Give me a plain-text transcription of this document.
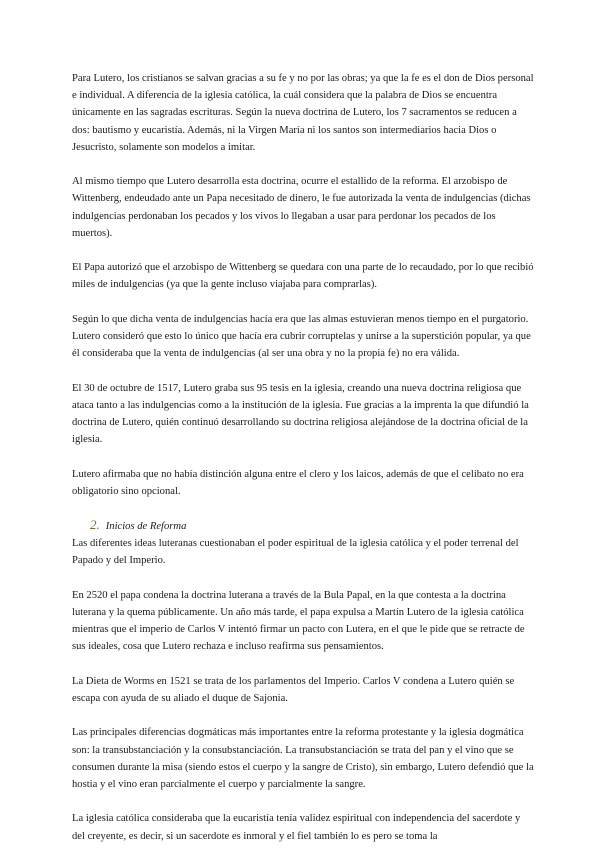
Para Lutero, los cristianos se salvan gracias a su fe y no por las obras; ya que la fe es el don de Dios personal e individual. A diferencia de la iglesia católica, la cuál considera que la palabra de Dios se encuentra únicamente en las sagradas escrituras. Según la nueva doctrina de Lutero, los 7 sacramentos se reducen a dos: bautismo y eucaristía. Además, ni la Virgen María ni los santos son intermediarios hacia Dios o Jesucristo, solamente son modelos a imitar.

Al mismo tiempo que Lutero desarrolla esta doctrina, ocurre el estallido de la reforma. El arzobispo de Wittenberg, endeudado ante un Papa necesitado de dinero, le fue autorizada la venta de indulgencias (dichas indulgencias perdonaban los pecados y los vivos lo llegaban a usar para perdonar los pecados de los muertos).

El Papa autorizó que el arzobispo de Wittenberg se quedara con una parte de lo recaudado, por lo que recibió miles de indulgencias (ya que la gente incluso viajaba para comprarlas).

Según lo que dicha venta de indulgencias hacía era que las almas estuvieran menos tiempo en el purgatorio. Lutero consideró que esto lo único que hacía era cubrir corruptelas y unirse a la superstición popular, ya que él consideraba que la venta de indulgencias (al ser una obra y no la propia fe) no era válida.

El 30 de octubre de 1517, Lutero graba sus 95 tesis en la iglesia, creando una nueva doctrina religiosa que ataca tanto a las indulgencias como a la institución de la iglesia. Fue gracias a la imprenta la que difundió la doctrina de Lutero, quién continuó desarrollando su doctrina religiosa alejándose de la doctrina oficial de la iglesia.

Lutero afirmaba que no había distinción alguna entre el clero y los laicos, además de que el celibato no era obligatorio sino opcional.

2. Inicios de Reforma

Las diferentes ideas luteranas cuestionaban el poder espiritual de la iglesia católica y el poder terrenal del Papado y del Imperio.

En 2520 el papa condena la doctrina luterana a través de la Bula Papal, en la que contesta a la doctrina luterana y la quema públicamente. Un año más tarde, el papa expulsa a Martín Lutero de la iglesia católica mientras que el imperio de Carlos V intentó firmar un pacto con Lutera, en el que le pide que se retracte de sus ideales, cosa que Lutero rechaza e incluso reafirma sus pensamientos.

La Dieta de Worms en 1521 se trata de los parlamentos del Imperio. Carlos V condena a Lutero quién se escapa con ayuda de su aliado el duque de Sajonia.

Las principales diferencias dogmáticas más importantes entre la reforma protestante y la iglesia dogmática son: la transubstanciación y la consubstanciación. La transubstanciación se trata del pan y el vino que se consumen durante la misa (siendo estos el cuerpo y la sangre de Cristo), sin embargo, Lutero defendió que la hostia y el vino eran parcialmente el cuerpo y parcialmente la sangre.

La iglesia católica consideraba que la eucaristía tenía validez espiritual con independencia del sacerdote y del creyente, es decir, si un sacerdote es inmoral y el fiel también lo es pero se toma la
